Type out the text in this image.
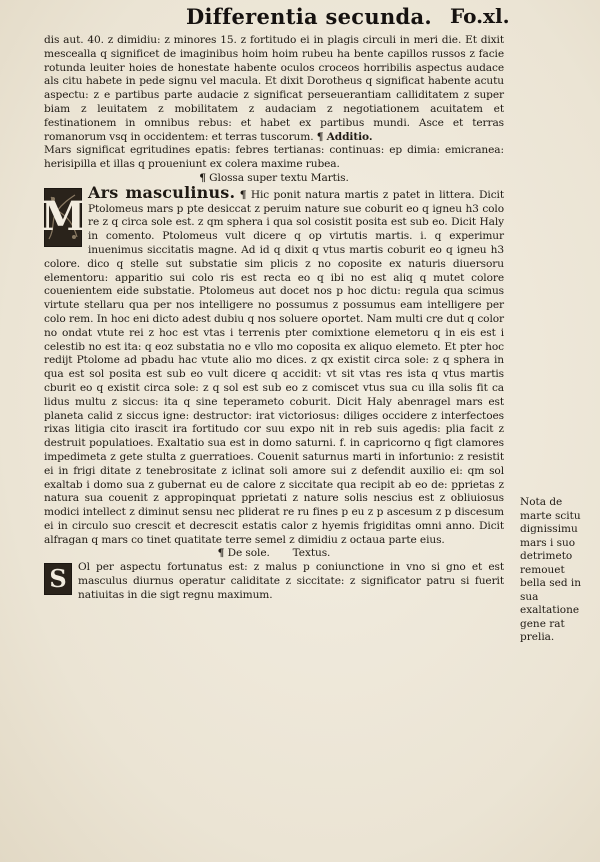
Differentia secunda. Fo.xl.

dis aut. 40. z dimidiu: z minores 15. z fortitudo ei in plagis circuli in meri die. Et dixit mescealla q significet de imaginibus hoim hoim rubeu ha bente capillos russos z facie rotunda leuiter hoies de honestate habente oculos croceos horribilis aspectus audace als citu habete in pede signu vel macula. Et dixit Dorotheus q significat habente acutu aspectu: z e partibus parte audacie z significat perseuerantiam calliditatem z super biam z leuitatem z mobilitatem z audaciam z negotiationem acuitatem et festinationem in omnibus rebus: et habet ex partibus mundi. Asce et terras romanorum vsq in occidentem: et terras tuscorum. ¶ Additio.

Mars significat egritudines epatis: febres tertianas: continuas: ep dimia: emicranea: herisipilla et illas q proueniunt ex colera maxime rubea.

¶ Glossa super textu Martis.

M

Ars masculinus. ¶ Hic ponit natura martis z patet in littera. Dicit Ptolomeus mars p pte desiccat z peruim nature sue coburit eo q igneu h3 colo re z q circa sole est. z qm sphera i qua sol cosistit posita est sub eo. Dicit Haly in comento. Ptolomeus vult dicere q op virtutis martis. i. q experimur inuenimus siccitatis magne. Ad id q dixit q vtus martis coburit eo q igneu h3 colore. dico q stelle sut substatie sim plicis z no coposite ex naturis diuersoru elementoru: apparitio sui colo ris est recta eo q ibi no est aliq q mutet colore couenientem eide substatie. Ptolomeus aut docet nos p hoc dictu: regula qua scimus virtute stellaru qua per nos intelligere no possumus z possumus eam intelligere per colo rem. In hoc eni dicto adest dubiu q nos soluere oportet. Nam multi cre dut q color no ondat vtute rei z hoc est vtas i terrenis pter comixtione elemetoru q in eis est i celestib no est ita: q eoz substatia no e vllo mo coposita ex aliquo elemeto. Et pter hoc redijt Ptolome ad pbadu hac vtute alio mo dices. z qx existit circa sole: z q sphera in qua est sol posita est sub eo vult dicere q accidit: vt sit vtas res ista q vtus martis cburit eo q existit circa sole: z q sol est sub eo z comiscet vtus sua cu illa solis fit ca lidus multu z siccus: ita q sine teperameto coburit. Dicit Haly abenragel mars est planeta calid z siccus igne: destructor: irat victoriosus: diliges occidere z interfectoes rixas litigia cito irascit ira fortitudo cor suu expo nit in reb suis agedis: plia facit z destruit populatioes. Exaltatio sua est in domo saturni. f. in capricorno q figt clamores impedimeta z gete stulta z guerratioes. Couenit saturnus marti in infortunio: z resistit ei in frigi ditate z tenebrositate z iclinat soli amore sui z defendit auxilio ei: qm sol exaltab i domo sua z gubernat eu de calore z siccitate qua recipit ab eo de: pprietas z natura sua couenit z appropinquat pprietati z nature solis nescius est z obliuiosus modici intellect z diminut sensu nec pliderat re ru fines p eu z p ascesum z p discesum ei in circulo suo crescit et decrescit estatis calor z hyemis frigiditas omni anno. Dicit alfragan q mars co tinet quatitate terre semel z dimidiu z octaua parte eius.

¶ De sole. Textus.

S	Ol per aspectu fortunatus est: z malus p coniunctione in vno si gno et est masculus diurnus operatur caliditate z siccitate: z significator patru si fuerit natiuitas in die sigt regnu maximum.

Nota de marte scitu dignissimu mars i suo detrimeto remouet bella sed in sua exaltatione gene rat prelia.
